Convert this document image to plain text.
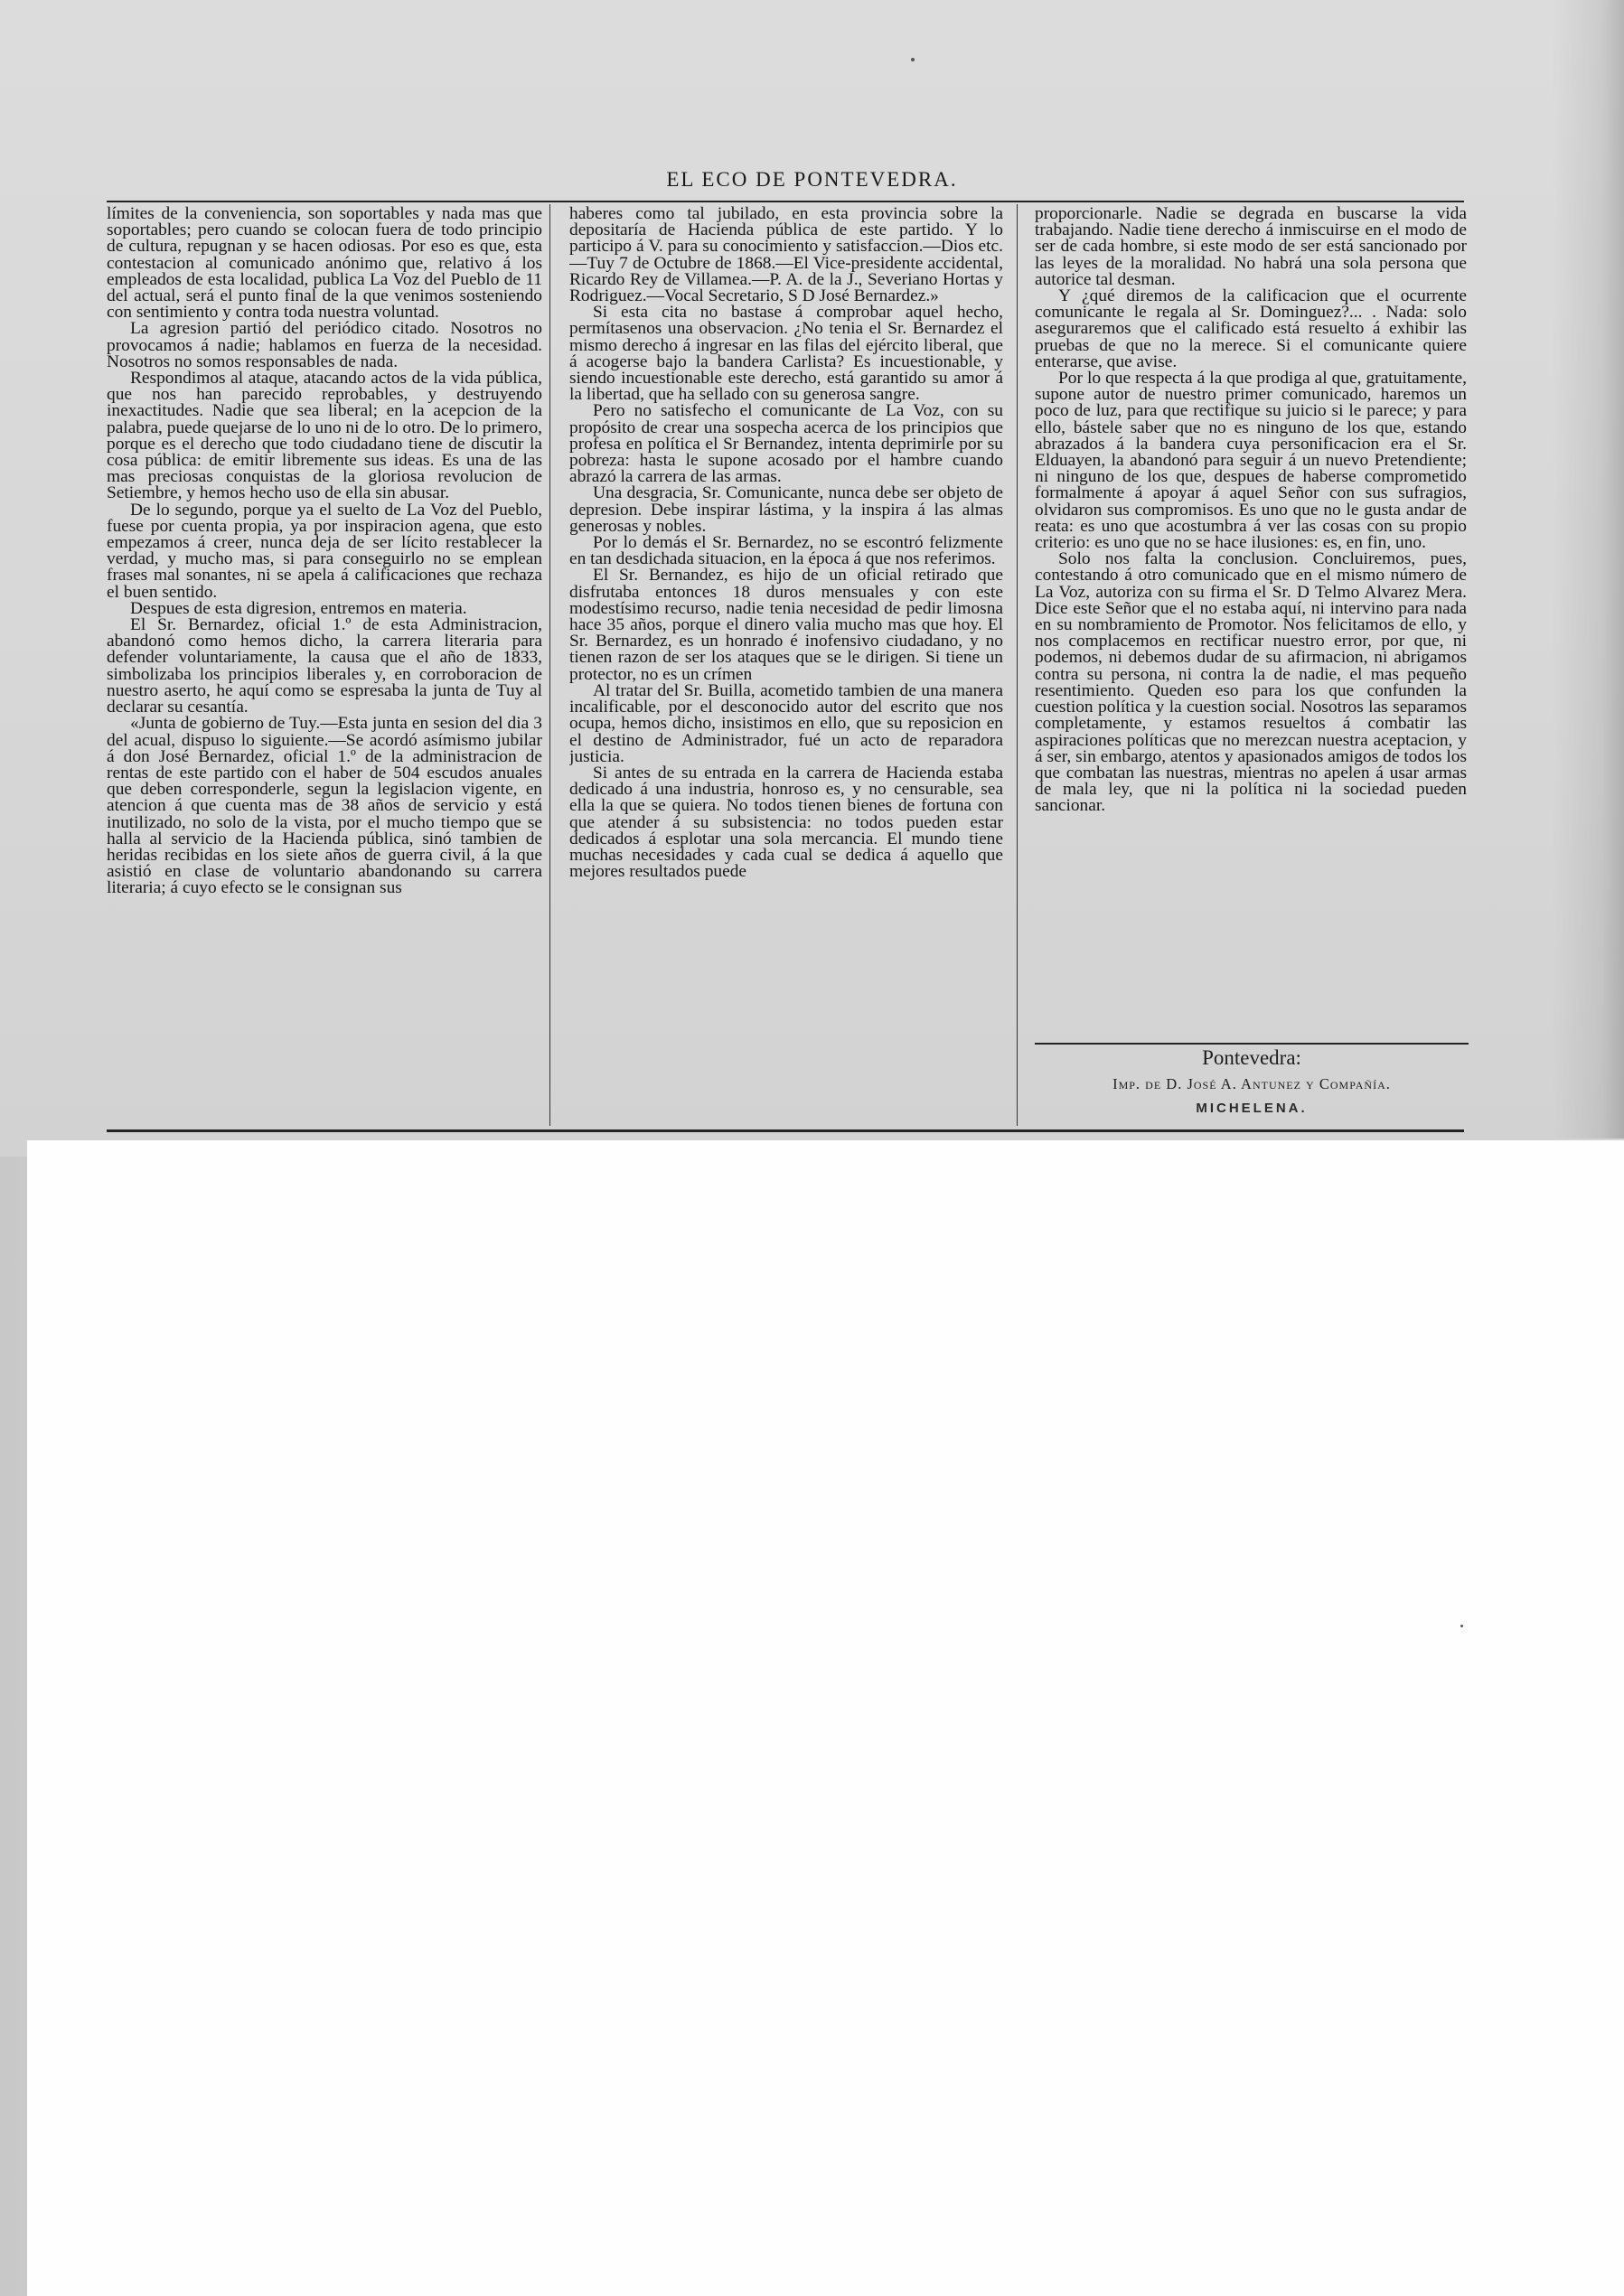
EL ECO DE PONTEVEDRA.

límites de la conveniencia, son soportables y nada mas que soportables; pero cuando se colocan fuera de todo principio de cultura, repugnan y se hacen odiosas. Por eso es que, esta contestacion al comunicado anónimo que, relativo á los empleados de esta localidad, publica La Voz del Pueblo de 11 del actual, será el punto final de la que venimos sosteniendo con sentimiento y contra toda nuestra voluntad.

La agresion partió del periódico citado. Nosotros no provocamos á nadie; hablamos en fuerza de la necesidad. Nosotros no somos responsables de nada.

Respondimos al ataque, atacando actos de la vida pública, que nos han parecido reprobables, y destruyendo inexactitudes. Nadie que sea liberal; en la acepcion de la palabra, puede quejarse de lo uno ni de lo otro. De lo primero, porque es el derecho que todo ciudadano tiene de discutir la cosa pública: de emitir libremente sus ideas. Es una de las mas preciosas conquistas de la gloriosa revolucion de Setiembre, y hemos hecho uso de ella sin abusar.

De lo segundo, porque ya el suelto de La Voz del Pueblo, fuese por cuenta propia, ya por inspiracion agena, que esto empezamos á creer, nunca deja de ser lícito restablecer la verdad, y mucho mas, si para conseguirlo no se emplean frases mal sonantes, ni se apela á calificaciones que rechaza el buen sentido.

Despues de esta digresion, entremos en materia.

El Sr. Bernardez, oficial 1.º de esta Administracion, abandonó como hemos dicho, la carrera literaria para defender voluntariamente, la causa que el año de 1833, simbolizaba los principios liberales y, en corroboracion de nuestro aserto, he aquí como se espresaba la junta de Tuy al declarar su cesantía.

«Junta de gobierno de Tuy.—Esta junta en sesion del dia 3 del acual, dispuso lo siguiente.—Se acordó asímismo jubilar á don José Bernardez, oficial 1.º de la administracion de rentas de este partido con el haber de 504 escudos anuales que deben corresponderle, segun la legislacion vigente, en atencion á que cuenta mas de 38 años de servicio y está inutilizado, no solo de la vista, por el mucho tiempo que se halla al servicio de la Hacienda pública, sinó tambien de heridas recibidas en los siete años de guerra civil, á la que asistió en clase de voluntario abandonando su carrera literaria; á cuyo efecto se le consignan sus

haberes como tal jubilado, en esta provincia sobre la depositaría de Hacienda pública de este partido. Y lo participo á V. para su conocimiento y satisfaccion.—Dios etc.—Tuy 7 de Octubre de 1868.—El Vice-presidente accidental, Ricardo Rey de Villamea.—P. A. de la J., Severiano Hortas y Rodriguez.—Vocal Secretario, S D José Bernardez.»

Si esta cita no bastase á comprobar aquel hecho, permítasenos una observacion. ¿No tenia el Sr. Bernardez el mismo derecho á ingresar en las filas del ejército liberal, que á acogerse bajo la bandera Carlista? Es incuestionable, y siendo incuestionable este derecho, está garantido su amor á la libertad, que ha sellado con su generosa sangre.

Pero no satisfecho el comunicante de La Voz, con su propósito de crear una sospecha acerca de los principios que profesa en política el Sr Bernandez, intenta deprimirle por su pobreza: hasta le supone acosado por el hambre cuando abrazó la carrera de las armas.

Una desgracia, Sr. Comunicante, nunca debe ser objeto de depresion. Debe inspirar lástima, y la inspira á las almas generosas y nobles.

Por lo demás el Sr. Bernardez, no se escontró felizmente en tan desdichada situacion, en la época á que nos referimos.

El Sr. Bernandez, es hijo de un oficial retirado que disfrutaba entonces 18 duros mensuales y con este modestísimo recurso, nadie tenia necesidad de pedir limosna hace 35 años, porque el dinero valia mucho mas que hoy. El Sr. Bernardez, es un honrado é inofensivo ciudadano, y no tienen razon de ser los ataques que se le dirigen. Si tiene un protector, no es un crímen

Al tratar del Sr. Builla, acometido tambien de una manera incalificable, por el desconocido autor del escrito que nos ocupa, hemos dicho, insistimos en ello, que su reposicion en el destino de Administrador, fué un acto de reparadora justicia.

Si antes de su entrada en la carrera de Hacienda estaba dedicado á una industria, honroso es, y no censurable, sea ella la que se quiera. No todos tienen bienes de fortuna con que atender á su subsistencia: no todos pueden estar dedicados á esplotar una sola mercancia. El mundo tiene muchas necesidades y cada cual se dedica á aquello que mejores resultados puede

proporcionarle. Nadie se degrada en buscarse la vida trabajando. Nadie tiene derecho á inmiscuirse en el modo de ser de cada hombre, si este modo de ser está sancionado por las leyes de la moralidad. No habrá una sola persona que autorice tal desman.

Y ¿qué diremos de la calificacion que el ocurrente comunicante le regala al Sr. Dominguez?... . Nada: solo aseguraremos que el calificado está resuelto á exhibir las pruebas de que no la merece. Si el comunicante quiere enterarse, que avise.

Por lo que respecta á la que prodiga al que, gratuitamente, supone autor de nuestro primer comunicado, haremos un poco de luz, para que rectifique su juicio si le parece; y para ello, bástele saber que no es ninguno de los que, estando abrazados á la bandera cuya personificacion era el Sr. Elduayen, la abandonó para seguir á un nuevo Pretendiente; ni ninguno de los que, despues de haberse comprometido formalmente á apoyar á aquel Señor con sus sufragios, olvidaron sus compromisos. Es uno que no le gusta andar de reata: es uno que acostumbra á ver las cosas con su propio criterio: es uno que no se hace ilusiones: es, en fin, uno.

Solo nos falta la conclusion. Concluiremos, pues, contestando á otro comunicado que en el mismo número de La Voz, autoriza con su firma el Sr. D Telmo Alvarez Mera. Dice este Señor que el no estaba aquí, ni intervino para nada en su nombramiento de Promotor. Nos felicitamos de ello, y nos complacemos en rectificar nuestro error, por que, ni podemos, ni debemos dudar de su afirmacion, ni abrigamos contra su persona, ni contra la de nadie, el mas pequeño resentimiento. Queden eso para los que confunden la cuestion política y la cuestion social. Nosotros las separamos completamente, y estamos resueltos á combatir las aspiraciones políticas que no merezcan nuestra aceptacion, y á ser, sin embargo, atentos y apasionados amigos de todos los que combatan las nuestras, mientras no apelen á usar armas de mala ley, que ni la política ni la sociedad pueden sancionar.

Pontevedra:
Imp. de D. José A. Antunez y Compañía.
MICHELENA.
